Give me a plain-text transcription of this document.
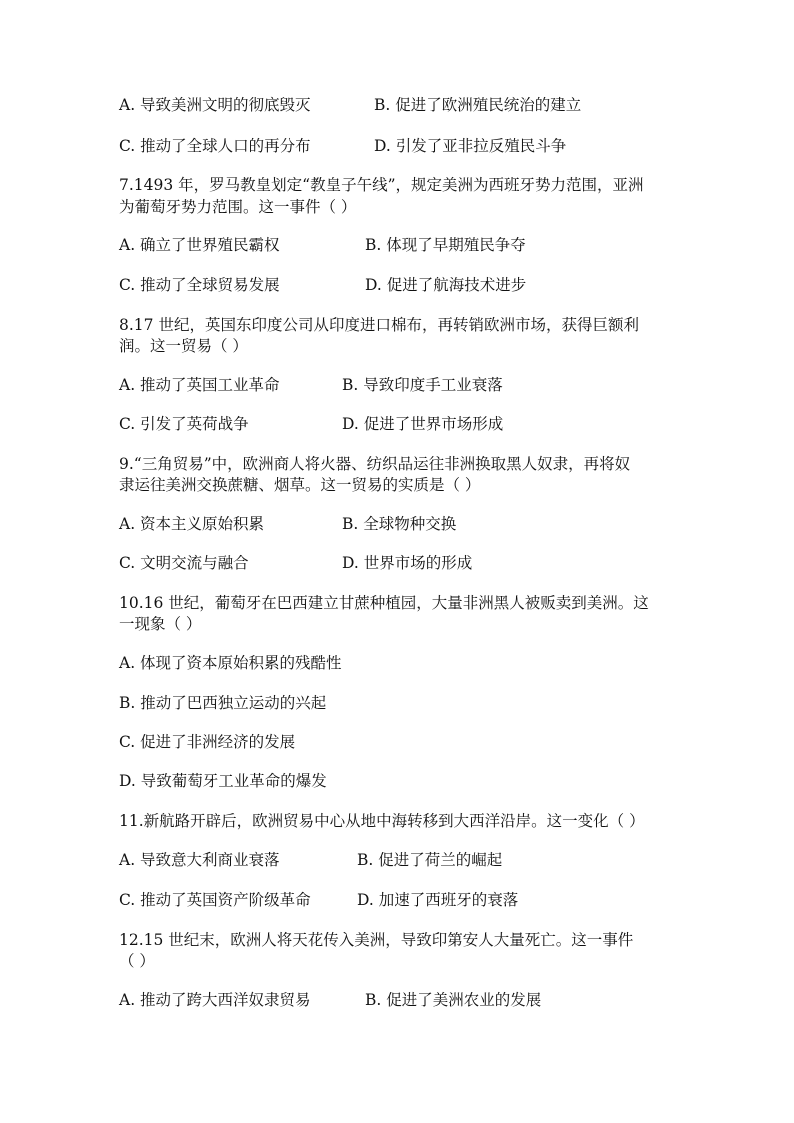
A. 导致美洲文明的彻底毁灭	B. 促进了欧洲殖民统治的建立
C. 推动了全球人口的再分布	D. 引发了亚非拉反殖民斗争
7.1493 年，罗马教皇划定“教皇子午线”，规定美洲为西班牙势力范围，亚洲
为葡萄牙势力范围。这一事件（ ）
A. 确立了世界殖民霸权	B. 体现了早期殖民争夺
C. 推动了全球贸易发展	D. 促进了航海技术进步
8.17 世纪，英国东印度公司从印度进口棉布，再转销欧洲市场，获得巨额利
润。这一贸易（ ）
A. 推动了英国工业革命	B. 导致印度手工业衰落
C. 引发了英荷战争	D. 促进了世界市场形成
9.“三角贸易”中，欧洲商人将火器、纺织品运往非洲换取黑人奴隶，再将奴
隶运往美洲交换蔗糖、烟草。这一贸易的实质是（ ）
A. 资本主义原始积累	B. 全球物种交换
C. 文明交流与融合	D. 世界市场的形成
10.16 世纪，葡萄牙在巴西建立甘蔗种植园，大量非洲黑人被贩卖到美洲。这
一现象（ ）
A. 体现了资本原始积累的残酷性
B. 推动了巴西独立运动的兴起
C. 促进了非洲经济的发展
D. 导致葡萄牙工业革命的爆发
11.新航路开辟后，欧洲贸易中心从地中海转移到大西洋沿岸。这一变化（ ）
A. 导致意大利商业衰落	B. 促进了荷兰的崛起
C. 推动了英国资产阶级革命	D. 加速了西班牙的衰落
12.15 世纪末，欧洲人将天花传入美洲，导致印第安人大量死亡。这一事件
（ ）
A. 推动了跨大西洋奴隶贸易	B. 促进了美洲农业的发展
